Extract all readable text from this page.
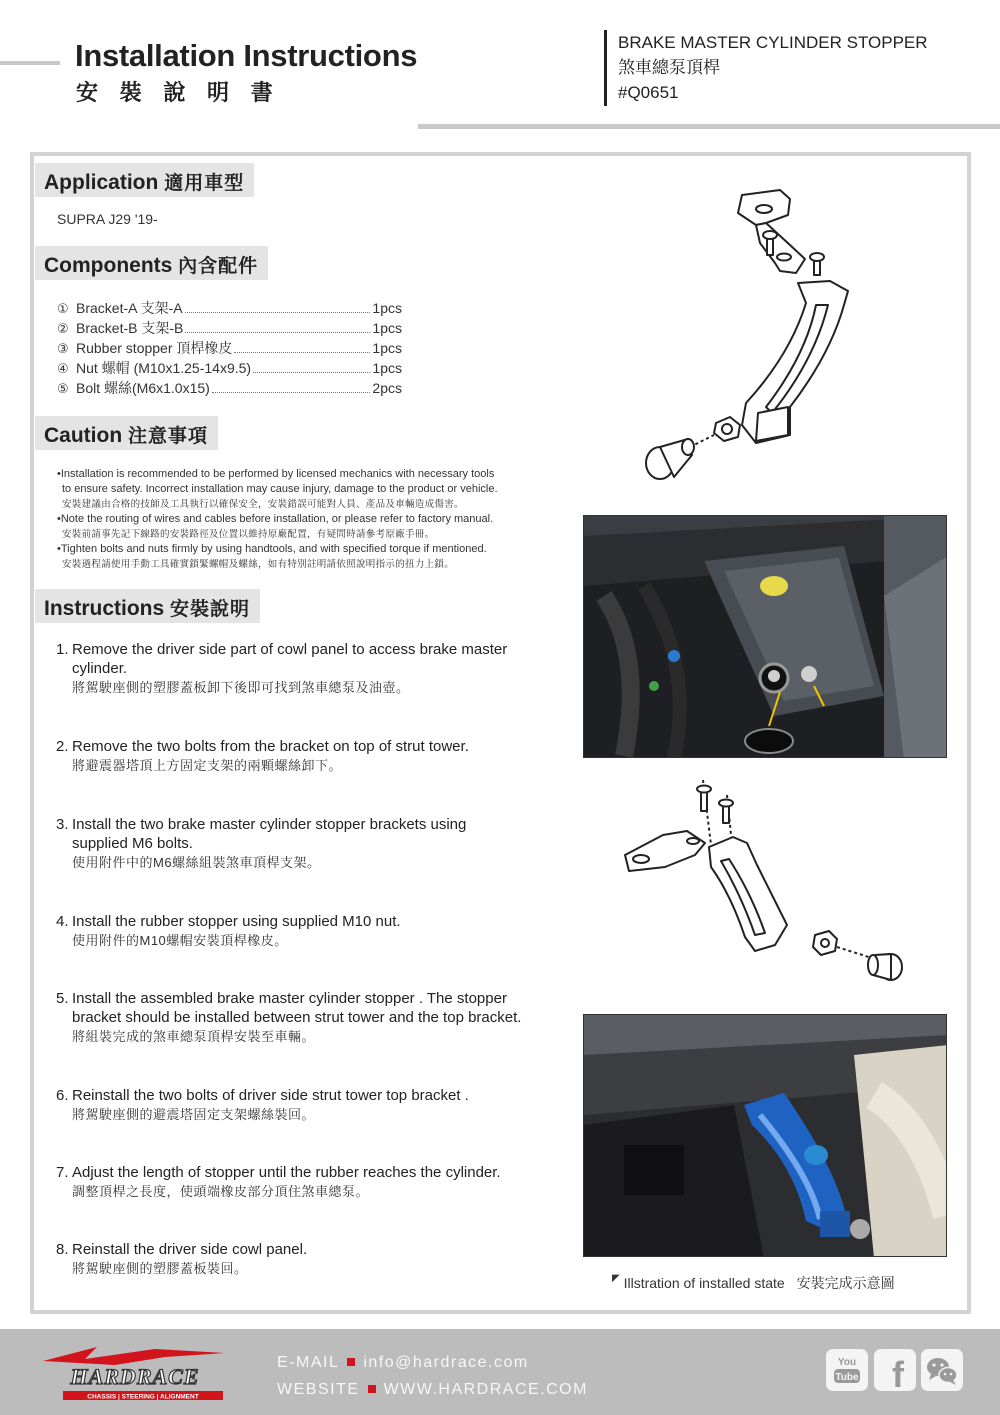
Installation Instructions
安 裝 說 明 書
BRAKE MASTER CYLINDER STOPPER
煞車總泵頂桿
#Q0651
Application 適用車型
SUPRA J29 '19-
Components 內含配件
① Bracket-A 支架-A	1pcs
② Bracket-B 支架-B	1pcs
③ Rubber stopper 頂桿橡皮	1pcs
④ Nut 螺帽 (M10x1.25-14x9.5)	1pcs
⑤ Bolt 螺絲(M6x1.0x15)	2pcs
Caution 注意事項

•Installation is recommended to be performed by licensed mechanics with necessary tools

to ensure safety. Incorrect installation may cause injury, damage to the product or vehicle.

安裝建議由合格的技師及工具執行以確保安全，安裝錯誤可能對人員、產品及車輛造成傷害。

•Note the routing of wires and cables before installation, or please refer to factory manual.

安裝前請事先記下線路的安裝路徑及位置以維持原廠配置，有疑問時請參考原廠手冊。

•Tighten bolts and nuts firmly by using handtools, and with specified torque if mentioned.

安裝過程請使用手動工具確實鎖緊螺帽及螺絲，如有特別註明請依照說明指示的扭力上鎖。

Instructions 安裝說明
1. Remove the driver side part of cowl panel to access brake master

cylinder.

將駕駛座側的塑膠蓋板卸下後即可找到煞車總泵及油壺。

2. Remove the two bolts from the bracket on top of strut tower.

將避震器塔頂上方固定支架的兩顆螺絲卸下。

3. Install the two brake master cylinder stopper brackets using

supplied M6 bolts.

使用附件中的M6螺絲組裝煞車頂桿支架。

4. Install the rubber stopper using supplied M10 nut.

使用附件的M10螺帽安裝頂桿橡皮。

5. Install the assembled brake master cylinder stopper . The stopper

bracket should be installed between strut tower and the top bracket.

將組裝完成的煞車總泵頂桿安裝至車輛。

6. Reinstall the two bolts of driver side strut tower top bracket .

將駕駛座側的避震塔固定支架螺絲裝回。

7. Adjust the length of stopper until the rubber reaches the cylinder.

調整頂桿之長度，使頭端橡皮部分頂住煞車總泵。

8. Reinstall the driver side cowl panel.

將駕駛座側的塑膠蓋板裝回。

◤ Illstration of installed state 安裝完成示意圖
HARDRACE
CHASSIS | STEERING | ALIGNMENT
E-MAIL info@hardrace.com
WEBSITE WWW.HARDRACE.COM
You
Tube f
